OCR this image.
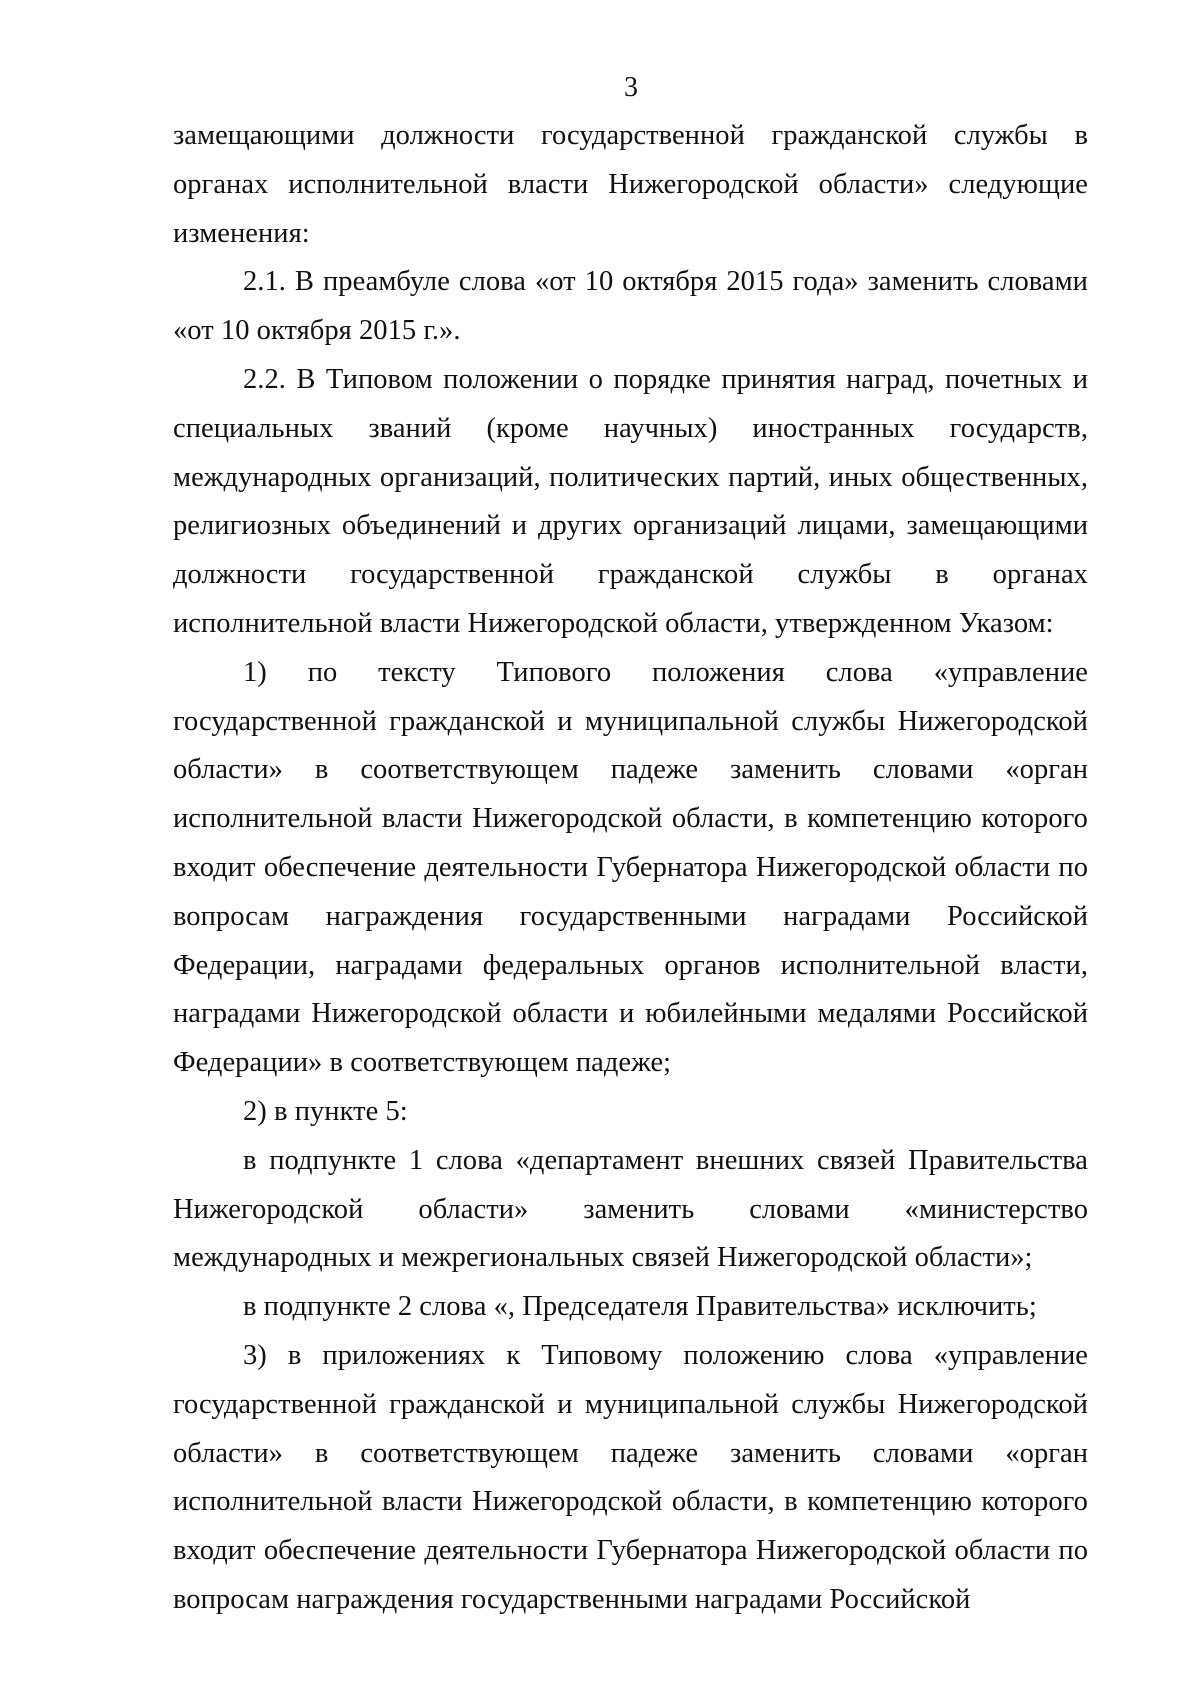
3

замещающими должности государственной гражданской службы в органах исполнительной власти Нижегородской области» следующие изменения:

2.1. В преамбуле слова «от 10 октября 2015 года» заменить словами «от 10 октября 2015 г.».

2.2. В Типовом положении о порядке принятия наград, почетных и специальных званий (кроме научных) иностранных государств, международных организаций, политических партий, иных общественных, религиозных объединений и других организаций лицами, замещающими должности государственной гражданской службы в органах исполнительной власти Нижегородской области, утвержденном Указом:

1) по тексту Типового положения слова «управление государственной гражданской и муниципальной службы Нижегородской области» в соответствующем падеже заменить словами «орган исполнительной власти Нижегородской области, в компетенцию которого входит обеспечение деятельности Губернатора Нижегородской области по вопросам награждения государственными наградами Российской Федерации, наградами федеральных органов исполнительной власти, наградами Нижегородской области и юбилейными медалями Российской Федерации» в соответствующем падеже;

2) в пункте 5:

в подпункте 1 слова «департамент внешних связей Правительства Нижегородской области» заменить словами «министерство международных и межрегиональных связей Нижегородской области»;

в подпункте 2 слова «, Председателя Правительства» исключить;

3) в приложениях к Типовому положению слова «управление государственной гражданской и муниципальной службы Нижегородской области» в соответствующем падеже заменить словами «орган исполнительной власти Нижегородской области, в компетенцию которого входит обеспечение деятельности Губернатора Нижегородской области по вопросам награждения государственными наградами Российской
